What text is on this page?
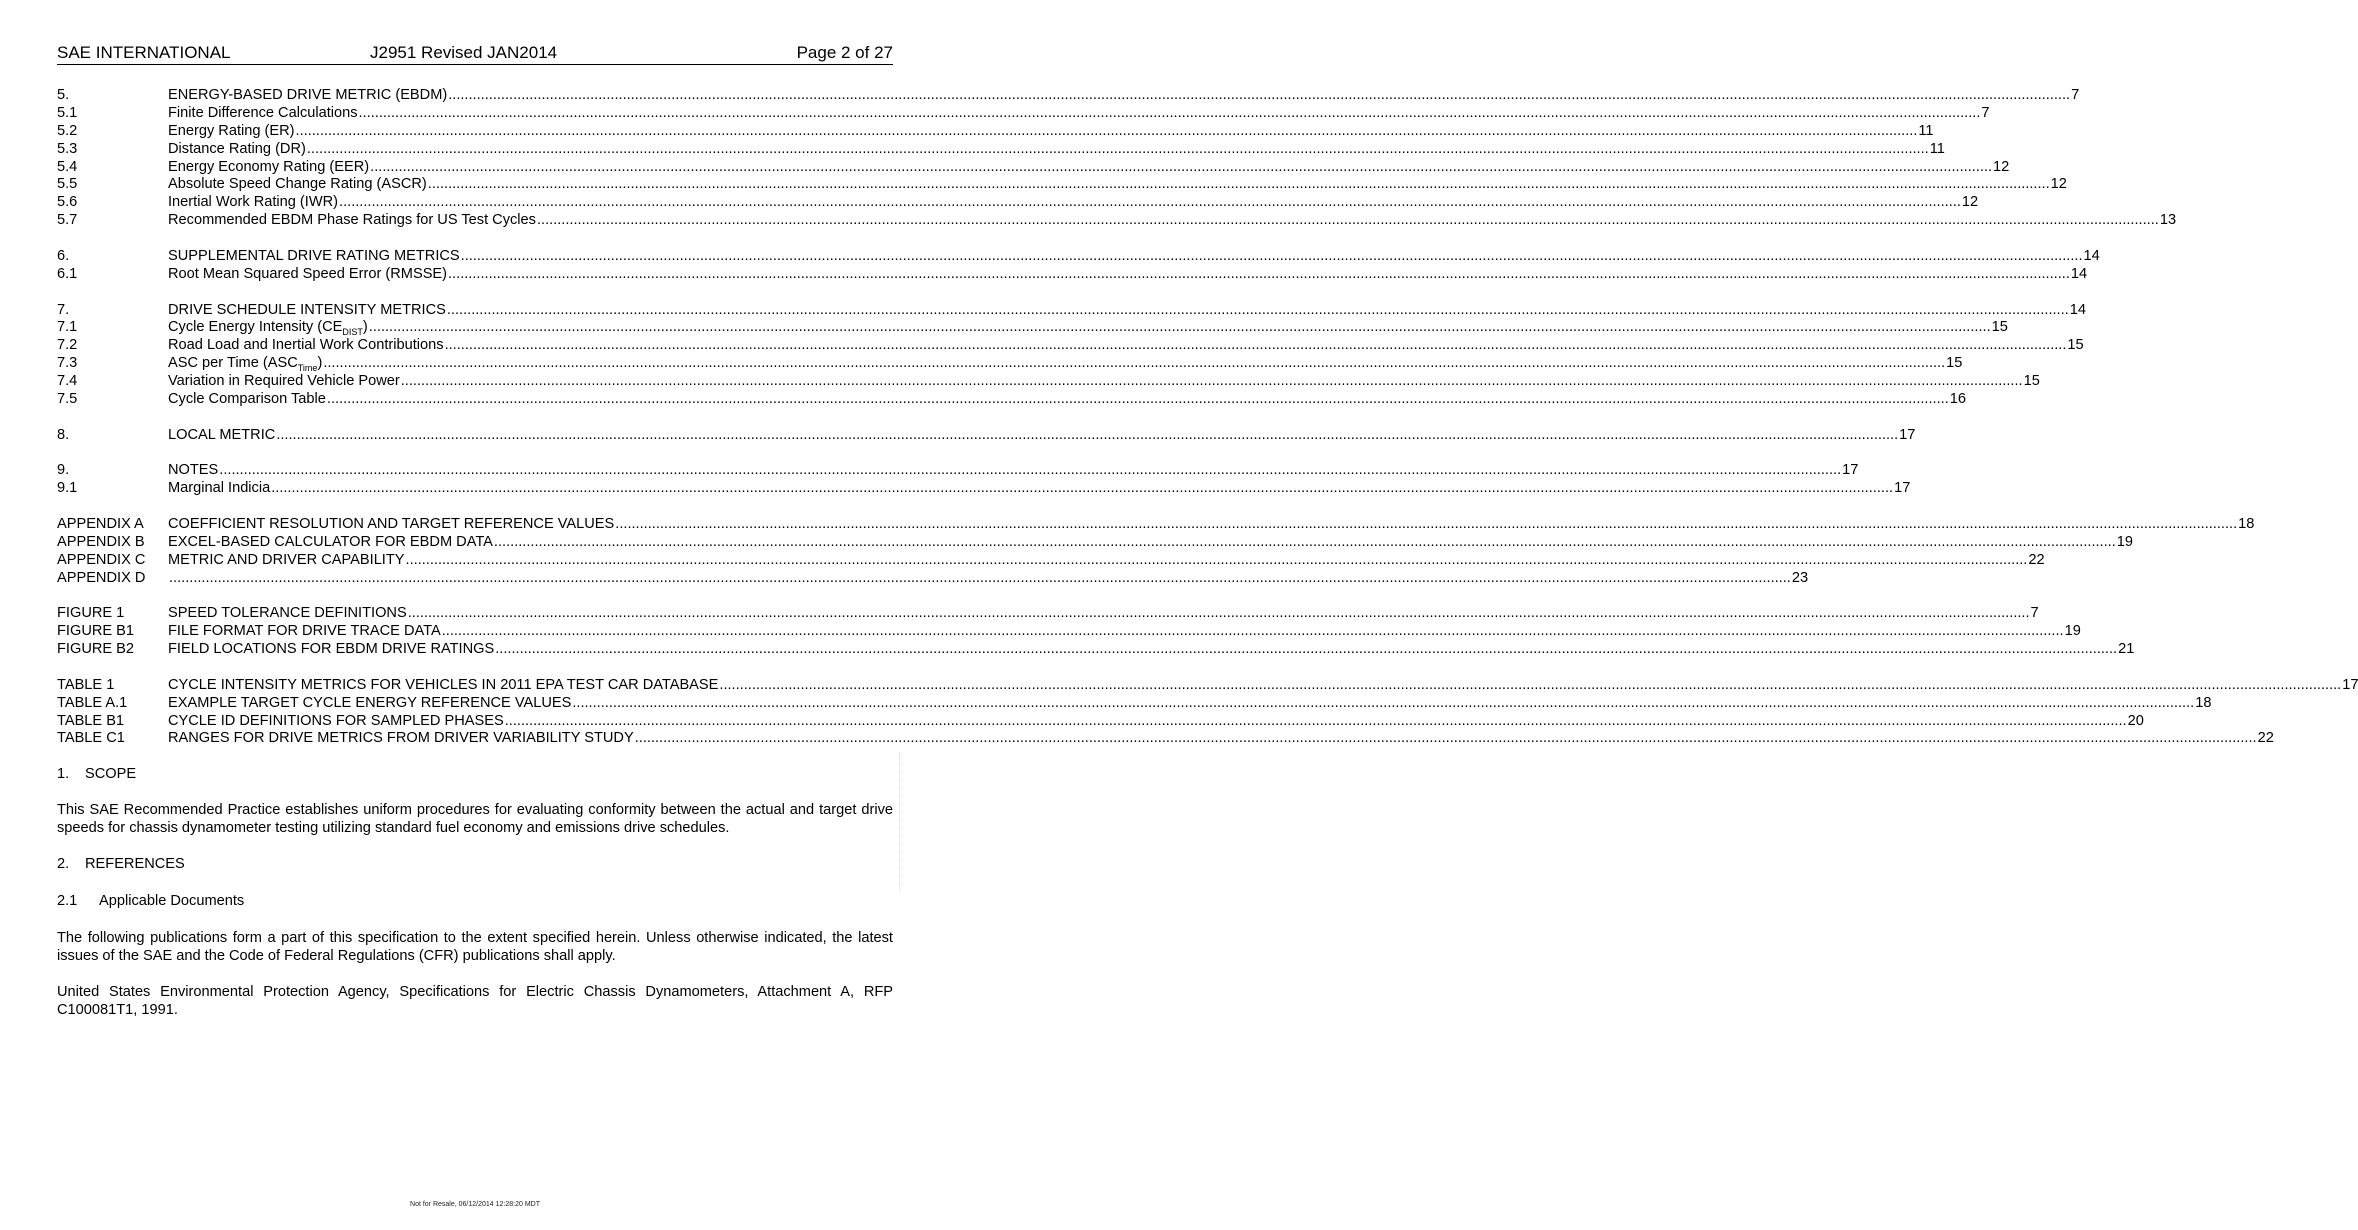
SAE INTERNATIONAL	J2951 Revised JAN2014	Page 2 of 27
5.	ENERGY-BASED DRIVE METRIC (EBDM) ................................................................................................................................................................................................................................................................................................................................................................................................................ 7
5.1	Finite Difference Calculations ................................................................................................................................................................................................................................................................................................................................................................................................................ 7
5.2	Energy Rating (ER) ................................................................................................................................................................................................................................................................................................................................................................................................................ 11
5.3	Distance Rating (DR) ................................................................................................................................................................................................................................................................................................................................................................................................................ 11
5.4	Energy Economy Rating (EER) ................................................................................................................................................................................................................................................................................................................................................................................................................ 12
5.5	Absolute Speed Change Rating (ASCR) ................................................................................................................................................................................................................................................................................................................................................................................................................ 12
5.6	Inertial Work Rating (IWR) ................................................................................................................................................................................................................................................................................................................................................................................................................ 12
5.7	Recommended EBDM Phase Ratings for US Test Cycles ................................................................................................................................................................................................................................................................................................................................................................................................................ 13
6.	SUPPLEMENTAL DRIVE RATING METRICS ................................................................................................................................................................................................................................................................................................................................................................................................................ 14
6.1	Root Mean Squared Speed Error (RMSSE) ................................................................................................................................................................................................................................................................................................................................................................................................................ 14
7.	DRIVE SCHEDULE INTENSITY METRICS ................................................................................................................................................................................................................................................................................................................................................................................................................ 14
7.1	Cycle Energy Intensity $(CE_{DIST})$ ................................................................................................................................................................................................................................................................................................................................................................................................................ 15
7.2	Road Load and Inertial Work Contributions ................................................................................................................................................................................................................................................................................................................................................................................................................ 15
7.3	ASC per Time $(ASC_{Time})$ ................................................................................................................................................................................................................................................................................................................................................................................................................ 15
7.4	Variation in Required Vehicle Power ................................................................................................................................................................................................................................................................................................................................................................................................................ 15
7.5	Cycle Comparison Table ................................................................................................................................................................................................................................................................................................................................................................................................................ 16
8.	LOCAL METRIC ................................................................................................................................................................................................................................................................................................................................................................................................................ 17
9.	NOTES ................................................................................................................................................................................................................................................................................................................................................................................................................ 17
9.1	Marginal Indicia ................................................................................................................................................................................................................................................................................................................................................................................................................ 17
APPENDIX A	COEFFICIENT RESOLUTION AND TARGET REFERENCE VALUES ................................................................................................................................................................................................................................................................................................................................................................................................................ 18
APPENDIX B	EXCEL-BASED CALCULATOR FOR EBDM DATA ................................................................................................................................................................................................................................................................................................................................................................................................................ 19
APPENDIX C	METRIC AND DRIVER CAPABILITY ................................................................................................................................................................................................................................................................................................................................................................................................................ 22
APPENDIX D	................................................................................................................................................................................................................................................................................................................................................................................................................ 23
FIGURE 1	SPEED TOLERANCE DEFINITIONS ................................................................................................................................................................................................................................................................................................................................................................................................................ 7
FIGURE B1	FILE FORMAT FOR DRIVE TRACE DATA ................................................................................................................................................................................................................................................................................................................................................................................................................ 19
FIGURE B2	FIELD LOCATIONS FOR EBDM DRIVE RATINGS ................................................................................................................................................................................................................................................................................................................................................................................................................ 21
TABLE 1	CYCLE INTENSITY METRICS FOR VEHICLES IN 2011 EPA TEST CAR DATABASE ................................................................................................................................................................................................................................................................................................................................................................................................................ 17
TABLE A.1	EXAMPLE TARGET CYCLE ENERGY REFERENCE VALUES ................................................................................................................................................................................................................................................................................................................................................................................................................ 18
TABLE B1	CYCLE ID DEFINITIONS FOR SAMPLED PHASES ................................................................................................................................................................................................................................................................................................................................................................................................................ 20
TABLE C1	RANGES FOR DRIVE METRICS FROM DRIVER VARIABILITY STUDY ................................................................................................................................................................................................................................................................................................................................................................................................................ 22
1. SCOPE
This SAE Recommended Practice establishes uniform procedures for evaluating conformity between the actual and target drive speeds for chassis dynamometer testing utilizing standard fuel economy and emissions drive schedules.
2. REFERENCES
2.1 Applicable Documents
The following publications form a part of this specification to the extent specified herein. Unless otherwise indicated, the latest issues of the SAE and the Code of Federal Regulations (CFR) publications shall apply.
United States Environmental Protection Agency, Specifications for Electric Chassis Dynamometers, Attachment A, RFP C100081T1, 1991.
Not for Resale, 06/12/2014 12:28:20 MDT
